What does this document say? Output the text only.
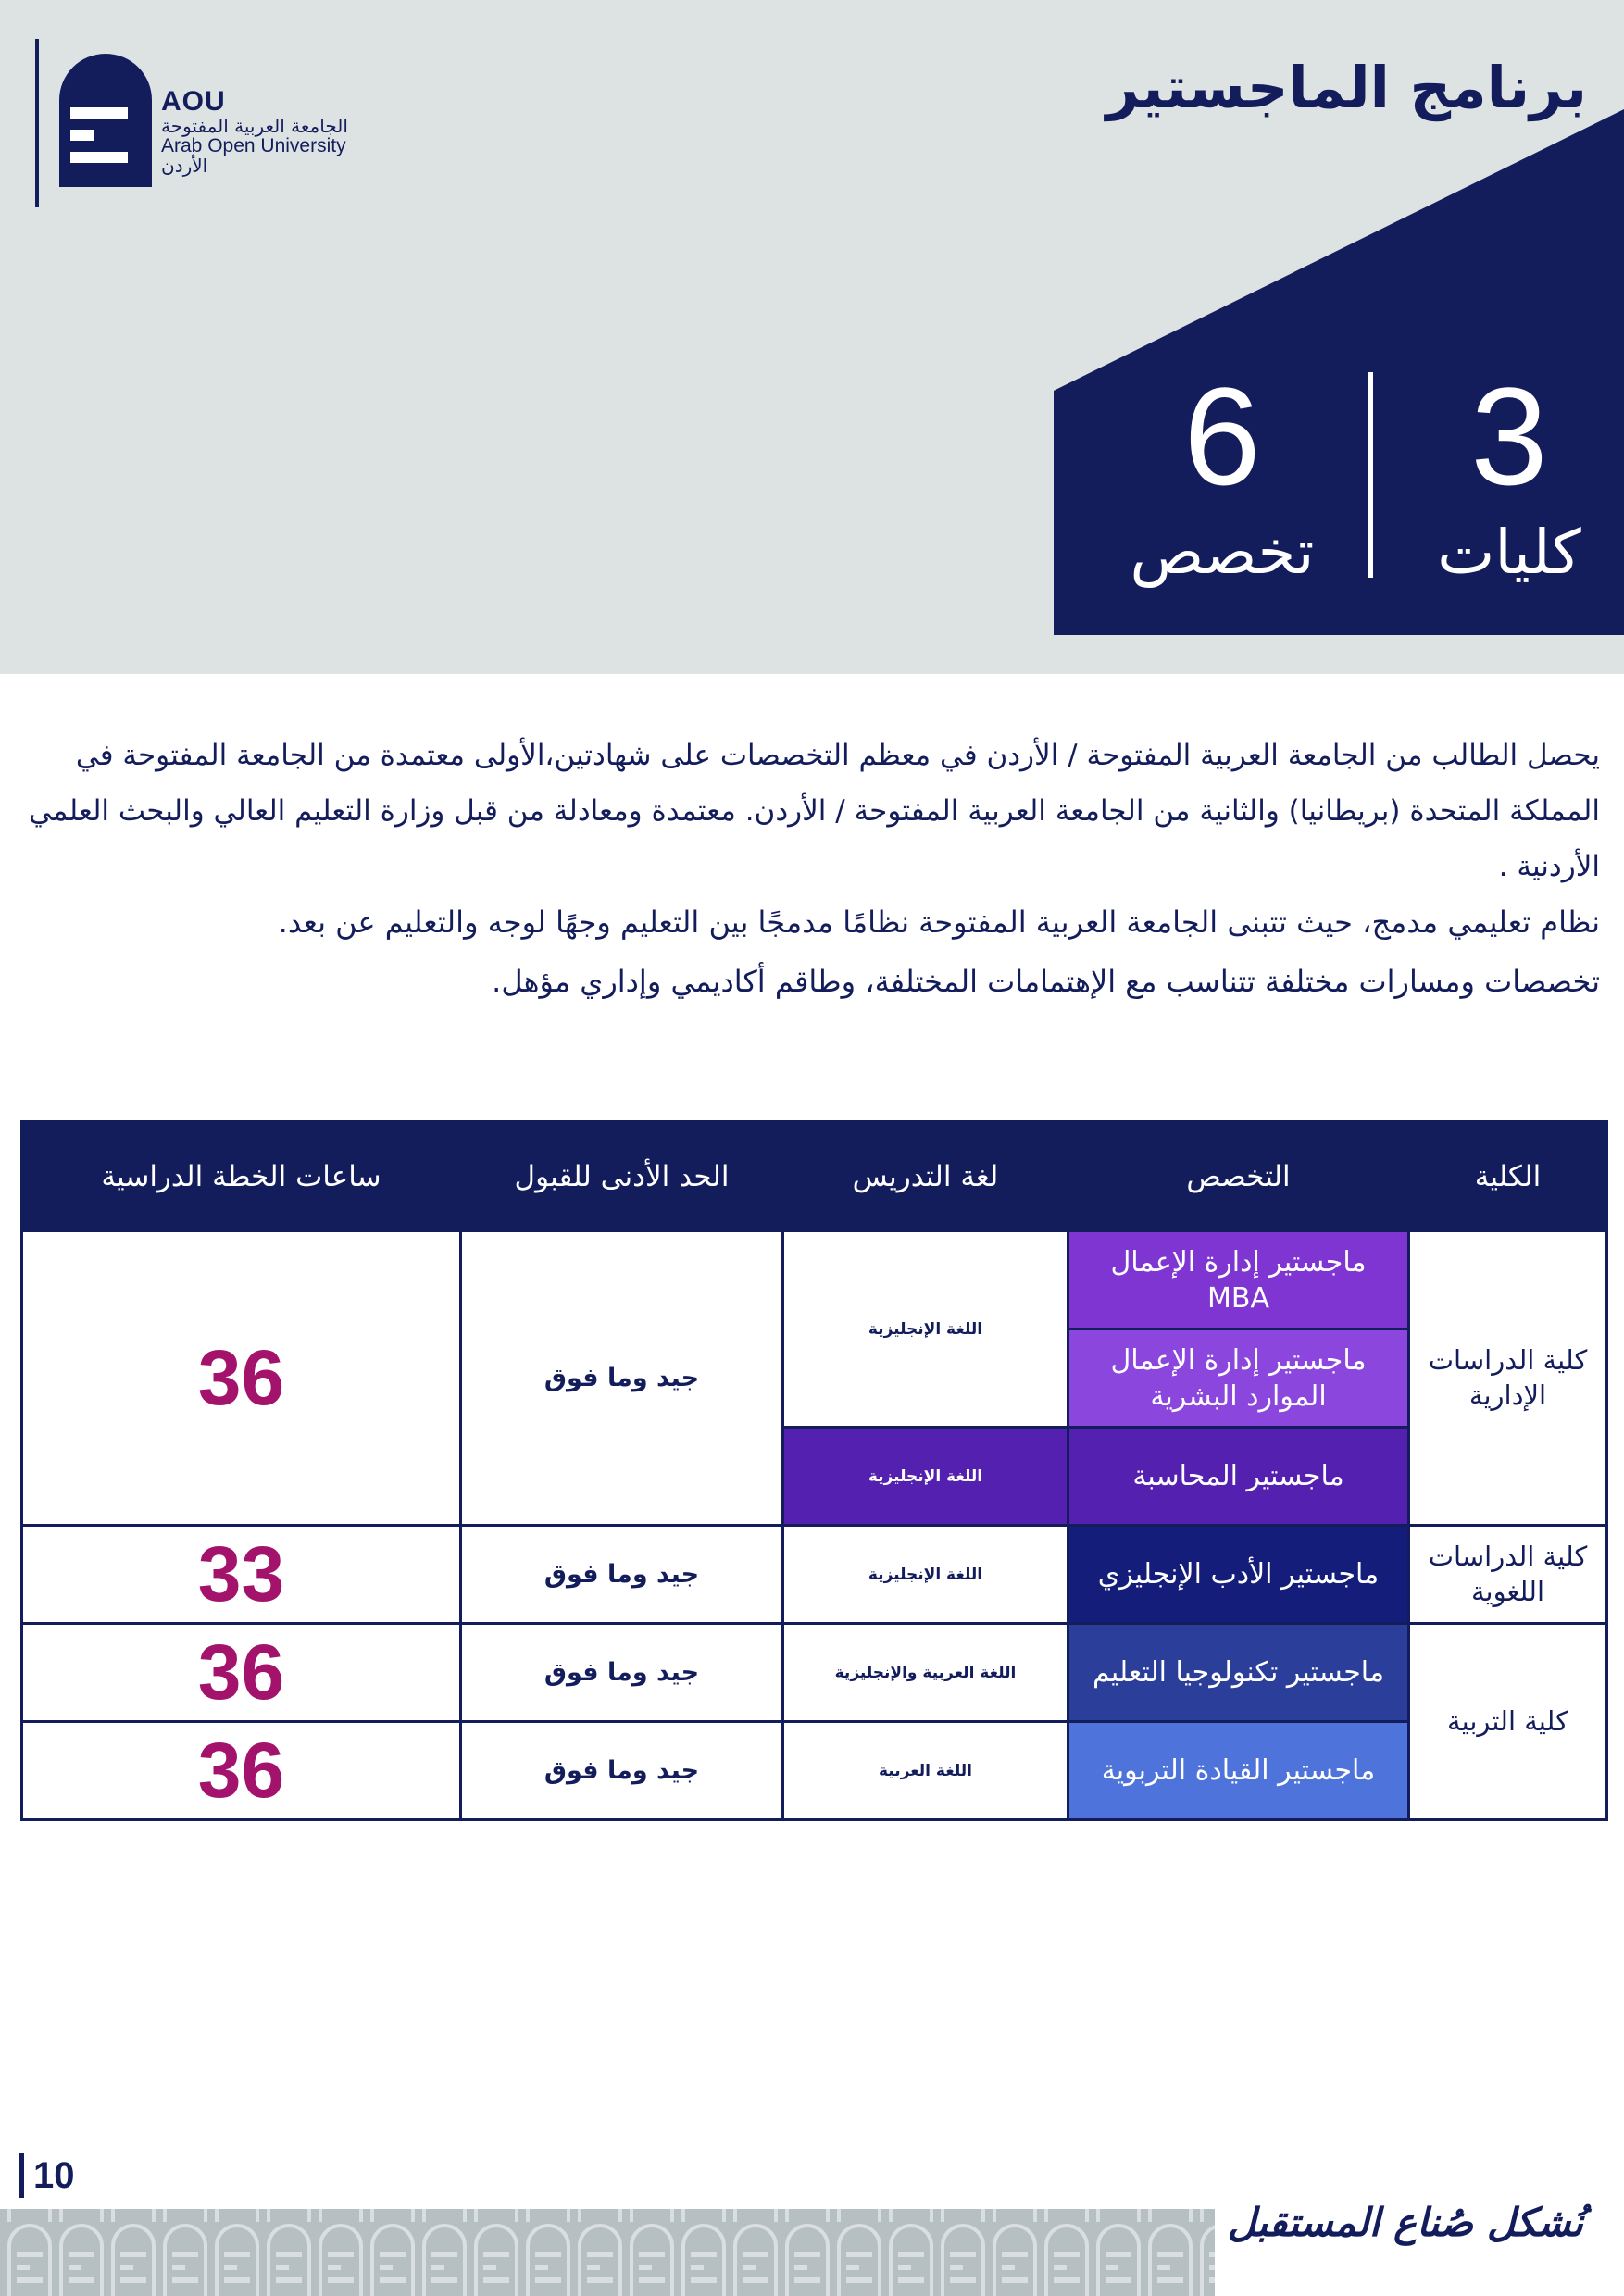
AOU
الجامعة العربية المفتوحة
Arab Open University
الأردن
برنامج الماجستير
3
كليات
6
تخصص

يحصل الطالب من الجامعة العربية المفتوحة / الأردن في معظم التخصصات على شهادتين،الأولى معتمدة من الجامعة المفتوحة في المملكة المتحدة (بريطانيا) والثانية من الجامعة العربية المفتوحة / الأردن. معتمدة ومعادلة من قبل وزارة التعليم العالي والبحث العلمي الأردنية .

نظام تعليمي مدمج، حيث تتبنى الجامعة العربية المفتوحة نظامًا مدمجًا بين التعليم وجهًا لوجه والتعليم عن بعد.
تخصصات ومسارات مختلفة تتناسب مع الإهتمامات المختلفة، وطاقم أكاديمي وإداري مؤهل.
الكلية	التخصص	لغة التدريس	الحد الأدنى للقبول	ساعات الخطة الدراسية
كلية الدراسات الإدارية	ماجستير إدارة الإعمال MBA	اللغة الإنجليزية	جيد وما فوق	36
	ماجستير إدارة الإعمال الموارد البشرية			
	ماجستير المحاسبة	اللغة الإنجليزية		
كلية الدراسات اللغوية	ماجستير الأدب الإنجليزي	اللغة الإنجليزية	جيد وما فوق	33
كلية التربية	ماجستير تكنولوجيا التعليم	اللغة العربية والإنجليزية	جيد وما فوق	36
	ماجستير القيادة التربوية	اللغة العربية	جيد وما فوق	36
10
نُشكل صُناع المستقبل
